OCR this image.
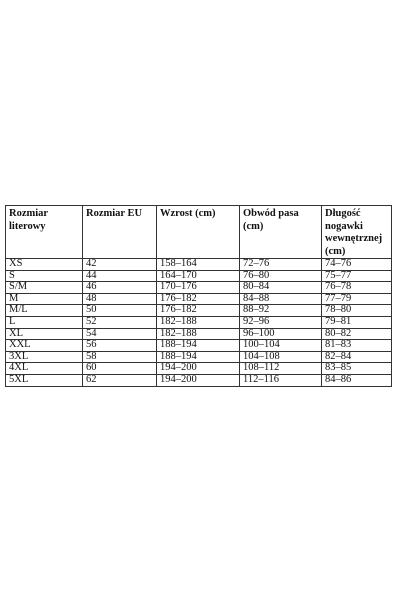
Rozmiar literowy	Rozmiar EU	Wzrost (cm)	Obwód pasa (cm)	Długość nogawki wewnętrznej (cm)
XS	42	158–164	72–76	74–76
S	44	164–170	76–80	75–77
S/M	46	170–176	80–84	76–78
M	48	176–182	84–88	77–79
M/L	50	176–182	88–92	78–80
L	52	182–188	92–96	79–81
XL	54	182–188	96–100	80–82
XXL	56	188–194	100–104	81–83
3XL	58	188–194	104–108	82–84
4XL	60	194–200	108–112	83–85
5XL	62	194–200	112–116	84–86
